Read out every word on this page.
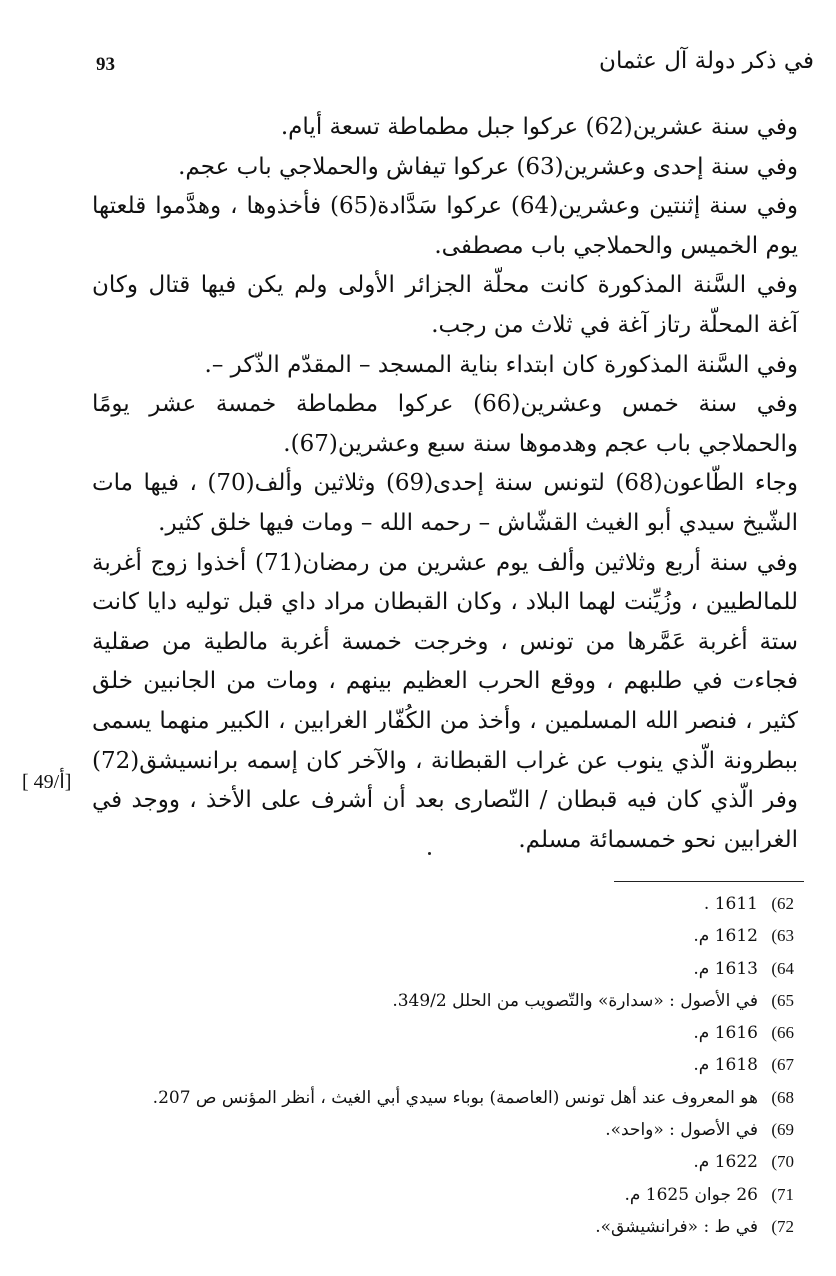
93	في ذكر دولة آل عثمان

وفي سنة عشرين(62) عركوا جبل مطماطة تسعة أيام.

وفي سنة إحدى وعشرين(63) عركوا تيفاش والحملاجي باب عجم.

وفي سنة إثنتين وعشرين(64) عركوا سَدَّادة(65) فأخذوها ، وهدَّموا قلعتها يوم الخميس والحملاجي باب مصطفى.

وفي السَّنة المذكورة كانت محلّة الجزائر الأولى ولم يكن فيها قتال وكان آغة المحلّة رتاز آغة في ثلاث من رجب.

وفي السَّنة المذكورة كان ابتداء بناية المسجد – المقدّم الذّكر –.

وفي سنة خمس وعشرين(66) عركوا مطماطة خمسة عشر يومًا والحملاجي باب عجم وهدموها سنة سبع وعشرين(67).

وجاء الطّاعون(68) لتونس سنة إحدى(69) وثلاثين وألف(70) ، فيها مات الشّيخ سيدي أبو الغيث القشّاش – رحمه الله – ومات فيها خلق كثير.

وفي سنة أربع وثلاثين وألف يوم عشرين من رمضان(71) أخذوا زوج أغربة للمالطيين ، وزُيِّنت لهما البلاد ، وكان القبطان مراد داي قبل توليه دايا كانت ستة أغربة عَمَّرها من تونس ، وخرجت خمسة أغربة مالطية من صقلية فجاءت في طلبهم ، ووقع الحرب العظيم بينهم ، ومات من الجانبين خلق كثير ، فنصر الله المسلمين ، وأخذ من الكُفّار الغرابين ، الكبير منهما يسمى ببطرونة الّذي ينوب عن غراب القبطانة ، والآخر كان إسمه برانسيشق(72) وفر الّذي كان فيه قبطان / النّصارى بعد أن أشرف على الأخذ ، ووجد في الغرابين نحو خمسمائة مسلم.

[ 49/أ]
62)1611 .
63)1612 م.
64)1613 م.
65)في الأصول : «سدارة» والتّصويب من الحلل 349/2.
66)1616 م.
67)1618 م.
68)هو المعروف عند أهل تونس (العاصمة) بوباء سيدي أبي الغيث ، أنظر المؤنس ص 207.
69)في الأصول : «واحد».
70)1622 م.
71)26 جوان 1625 م.
72)في ط : «فرانشيشق».
